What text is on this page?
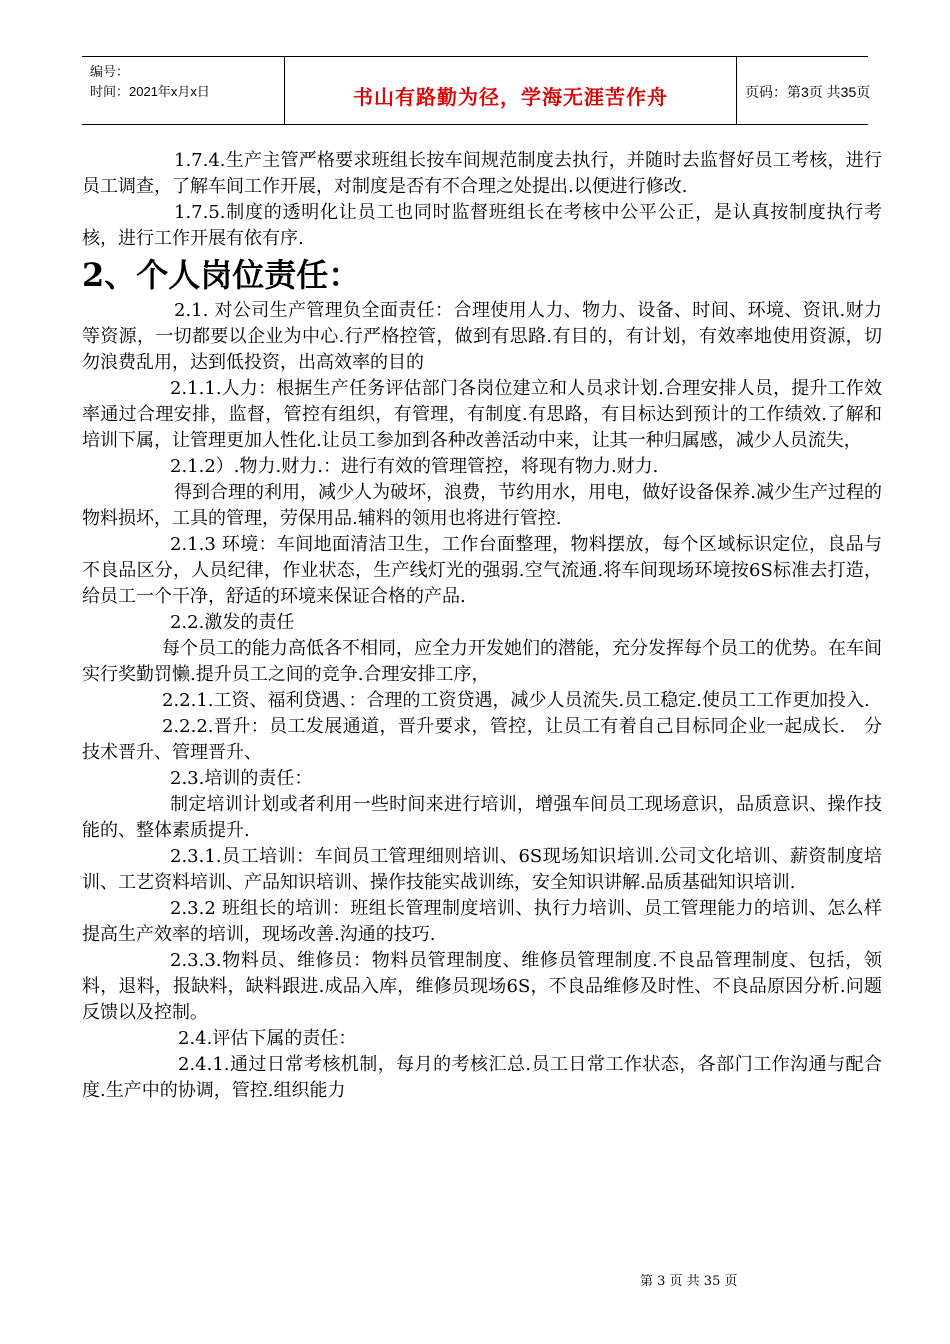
编号：
时间：2021年x月x日	书山有路勤为径，学海无涯苦作舟	页码：第3页 共35页

1.7.4.生产主管严格要求班组长按车间规范制度去执行，并随时去监督好员工考核，进行员工调查，了解车间工作开展，对制度是否有不合理之处提出.以便进行修改.

1.7.5.制度的透明化让员工也同时监督班组长在考核中公平公正，是认真按制度执行考核，进行工作开展有依有序.

2、个人岗位责任：

2.1. 对公司生产管理负全面责任：合理使用人力、物力、设备、时间、环境、资讯.财力等资源，一切都要以企业为中心.行严格控管，做到有思路.有目的，有计划，有效率地使用资源，切勿浪费乱用，达到低投资，出高效率的目的

2.1.1.人力：根据生产任务评估部门各岗位建立和人员求计划.合理安排人员，提升工作效率通过合理安排，监督，管控有组织，有管理，有制度.有思路，有目标达到预计的工作绩效.了解和培训下属，让管理更加人性化.让员工参加到各种改善活动中来，让其一种归属感，减少人员流失，

2.1.2）.物力.财力.：进行有效的管理管控，将现有物力.财力.

得到合理的利用，减少人为破坏，浪费，节约用水，用电，做好设备保养.减少生产过程的物料损坏，工具的管理，劳保用品.辅料的领用也将进行管控.

2.1.3 环境：车间地面清洁卫生，工作台面整理，物料摆放，每个区域标识定位，良品与不良品区分，人员纪律，作业状态，生产线灯光的强弱.空气流通.将车间现场环境按6S标准去打造，给员工一个干净，舒适的环境来保证合格的产品.

2.2.激发的责任

每个员工的能力高低各不相同，应全力开发她们的潜能，充分发挥每个员工的优势。在车间实行奖勤罚懒.提升员工之间的竞争.合理安排工序，

2.2.1.工资、福利贷遇、：合理的工资贷遇，减少人员流失.员工稳定.使员工工作更加投入.

2.2.2.晋升：员工发展通道，晋升要求，管控，让员工有着自己目标同企业一起成长.　分技术晋升、管理晋升、

2.3.培训的责任：

制定培训计划或者利用一些时间来进行培训，增强车间员工现场意识，品质意识、操作技能的、整体素质提升.

2.3.1.员工培训：车间员工管理细则培训、6S现场知识培训.公司文化培训、薪资制度培训、工艺资料培训、产品知识培训、操作技能实战训练，安全知识讲解.品质基础知识培训.

2.3.2 班组长的培训：班组长管理制度培训、执行力培训、员工管理能力的培训、怎么样提高生产效率的培训，现场改善.沟通的技巧.

2.3.3.物料员、维修员：物料员管理制度、维修员管理制度.不良品管理制度、包括，领料，退料，报缺料，缺料跟进.成品入库，维修员现场6S，不良品维修及时性、不良品原因分析.问题反馈以及控制。

2.4.评估下属的责任：

2.4.1.通过日常考核机制，每月的考核汇总.员工日常工作状态，各部门工作沟通与配合度.生产中的协调，管控.组织能力

第 3 页 共 35 页
